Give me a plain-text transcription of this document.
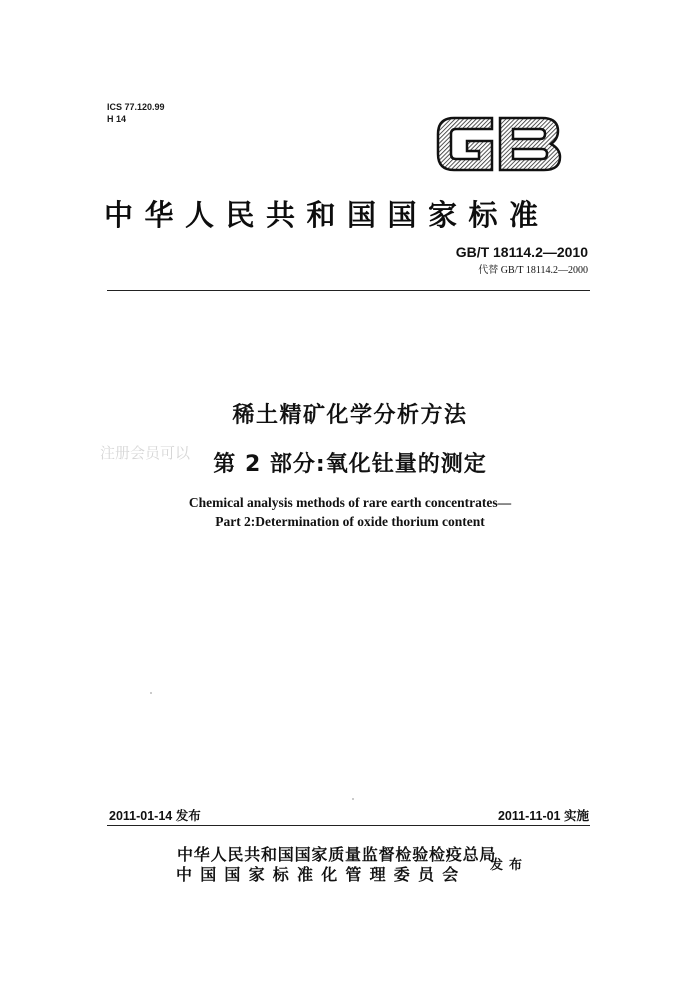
ICS 77.120.99
H 14
中华人民共和国国家标准
GB/T 18114.2—2010
代替 GB/T 18114.2—2000
注册会员可以
稀土精矿化学分析方法
第 2 部分:氧化钍量的测定
Chemical analysis methods of rare earth concentrates—
Part 2:Determination of oxide thorium content
2011-01-14 发布	2011-11-01 实施
中华人民共和国国家质量监督检验检疫总局
中国国家标准化管理委员会 发布
